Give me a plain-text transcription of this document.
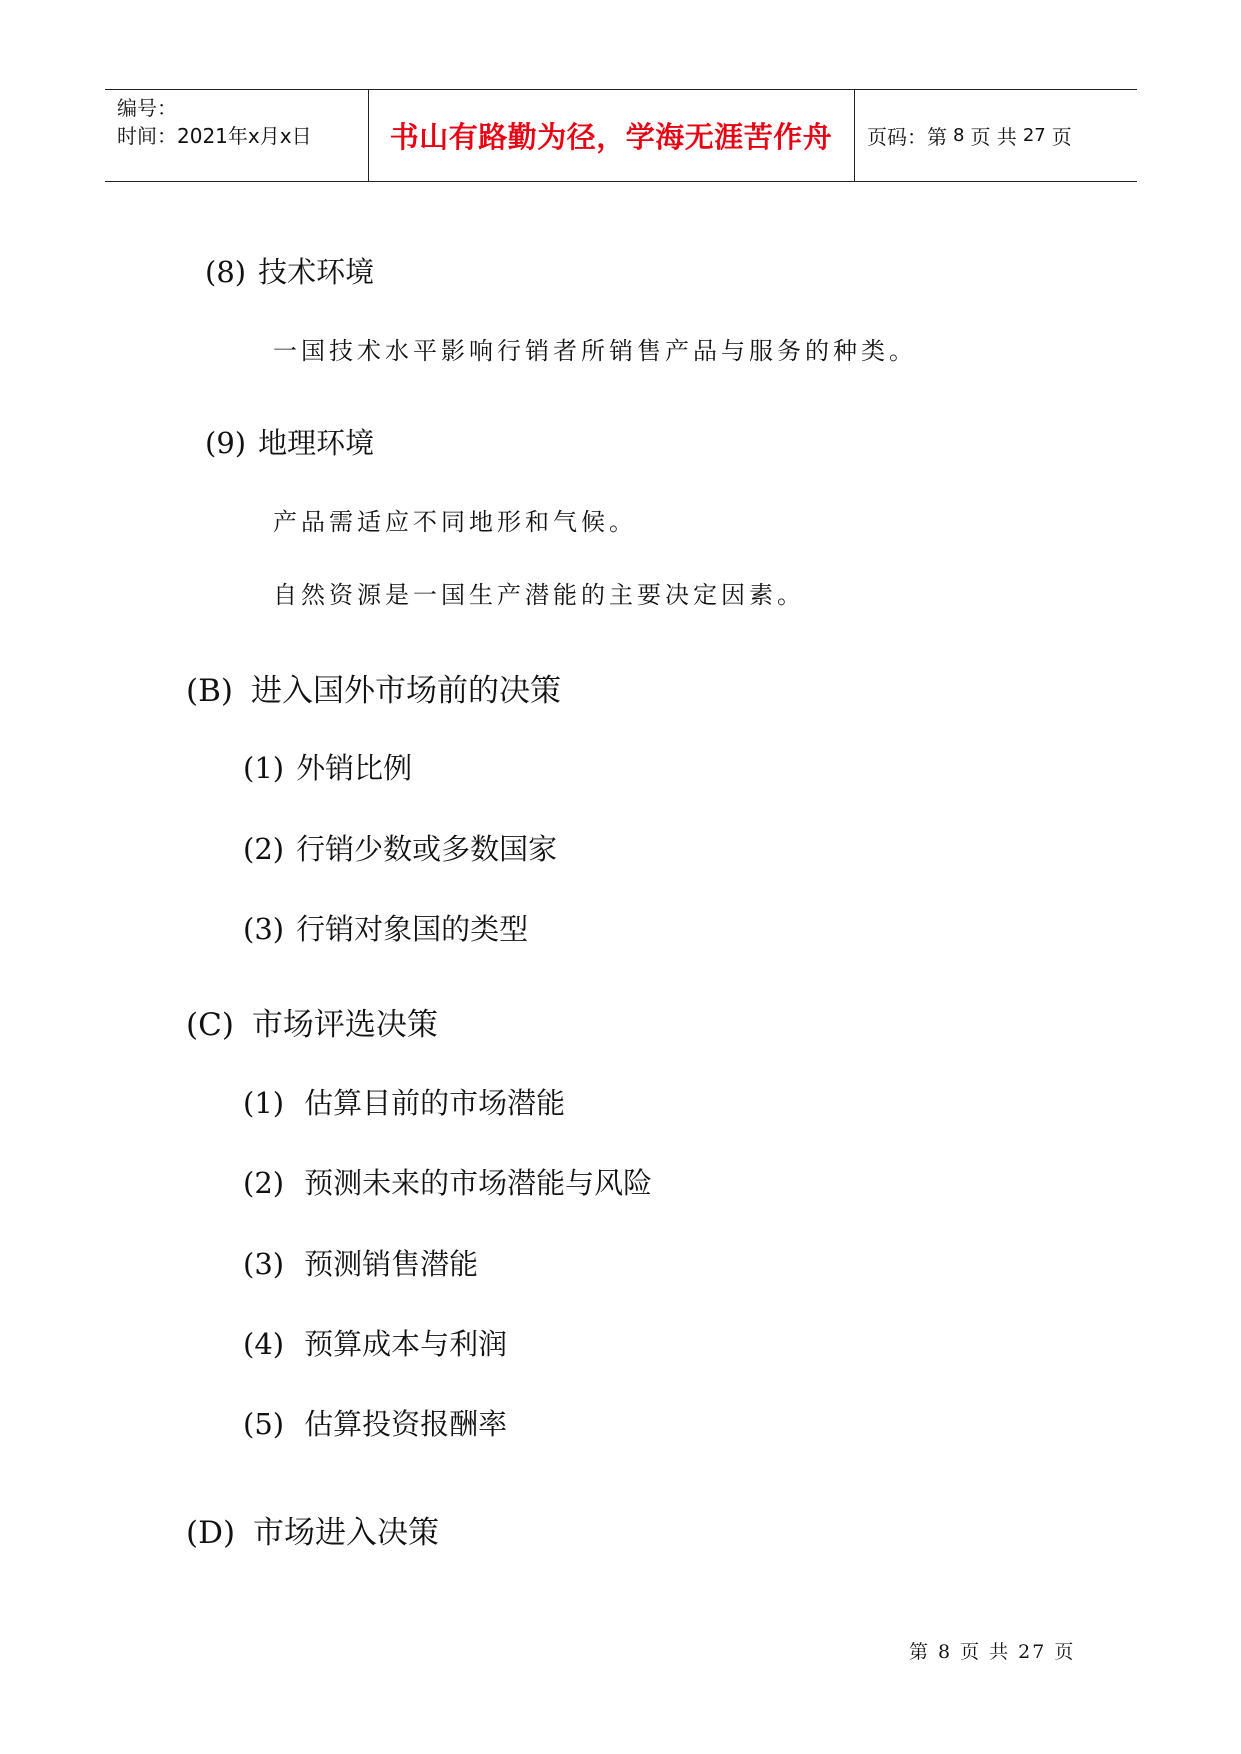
编号：
时间：2021年x月x日	书山有路勤为径，学海无涯苦作舟	页码：第 8 页 共 27 页
(8) 技术环境
一国技术水平影响行销者所销售产品与服务的种类。
(9) 地理环境
产品需适应不同地形和气候。
自然资源是一国生产潜能的主要决定因素。
(B) 进入国外市场前的决策
(1) 外销比例
(2) 行销少数或多数国家
(3) 行销对象国的类型
(C) 市场评选决策
(1) 估算目前的市场潜能
(2) 预测未来的市场潜能与风险
(3) 预测销售潜能
(4) 预算成本与利润
(5) 估算投资报酬率
(D) 市场进入决策
第 8 页 共 27 页
